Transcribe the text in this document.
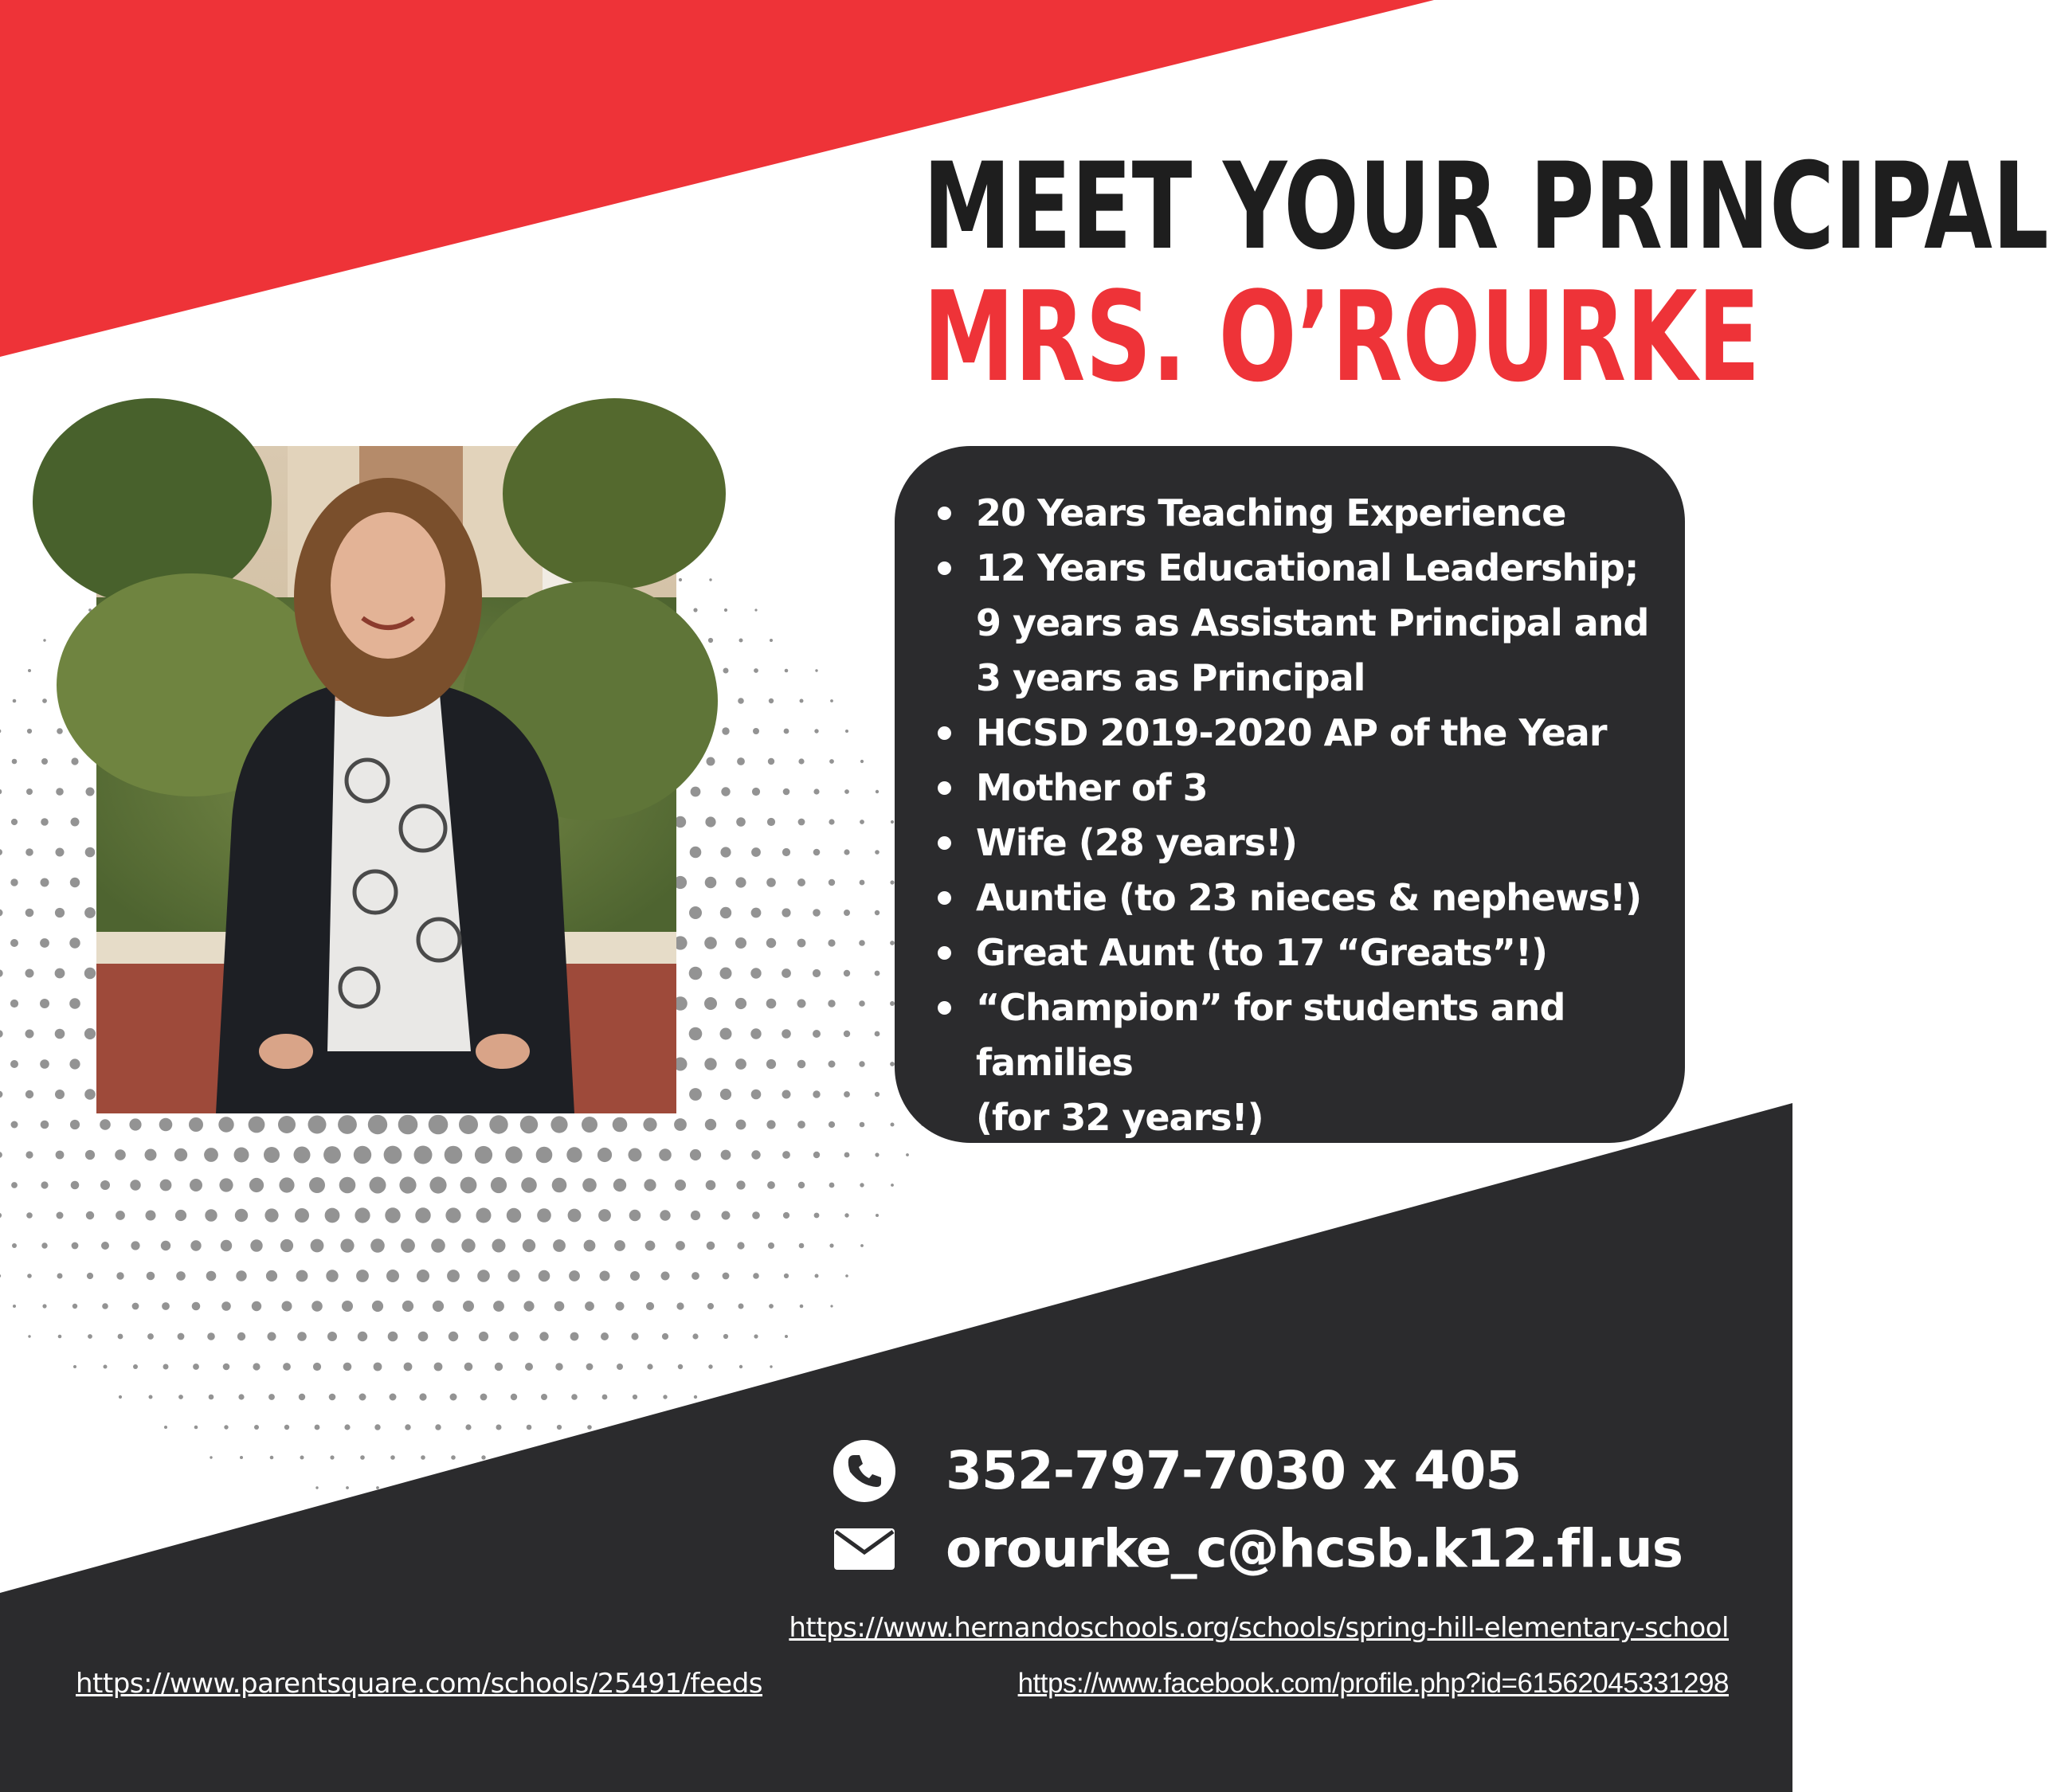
MEET YOUR PRINCIPAL
MRS. O’ROURKE
20 Years Teaching Experience
12 Years Educational Leadership;
9 years as Assistant Principal and
3 years as Principal
HCSD 2019-2020 AP of the Year
Mother of 3
Wife (28 years!)
Auntie (to 23 nieces & nephews!)
Great Aunt (to 17 “Greats”!)
“Champion” for students and families
(for 32 years!)
352-797-7030 x 405
orourke_c@hcsb.k12.fl.us
https://www.hernandoschools.org/schools/spring-hill-elementary-school
https://www.parentsquare.com/schools/25491/feeds	https://www.facebook.com/profile.php?id=61562045331298
